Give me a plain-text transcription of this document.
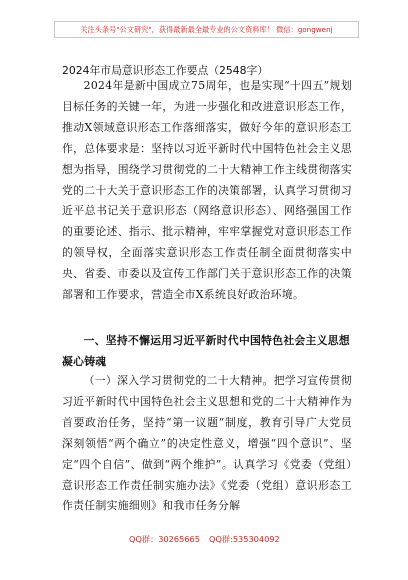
关注头条号"公文研究"，获得最新最全最专业的公文资料库！ 微信：gongwenj
2024年市局意识形态工作要点（2548字）
2024年是新中国成立75周年，也是实现“十四五”规划目标任务的关键一年，为进一步强化和改进意识形态工作，推动X领域意识形态工作落细落实，做好今年的意识形态工作，总体要求是：坚持以习近平新时代中国特色社会主义思想为指导，围绕学习贯彻党的二十大精神工作主线贯彻落实党的二十大关于意识形态工作的决策部署，认真学习贯彻习近平总书记关于意识形态（网络意识形态）、网络强国工作的重要论述、指示、批示精神，牢牢掌握党对意识形态工作的领导权，全面落实意识形态工作责任制全面贯彻落实中央、省委、市委以及宣传工作部门关于意识形态工作的决策部署和工作要求，营造全市X系统良好政治环境。
一、坚持不懈运用习近平新时代中国特色社会主义思想凝心铸魂
（一）深入学习贯彻党的二十大精神。把学习宣传贯彻习近平新时代中国特色社会主义思想和党的二十大精神作为首要政治任务，坚持“第一议题”制度，教育引导广大党员深刻领悟“两个确立”的决定性意义，增强“四个意识”、坚定“四个自信”、做到“两个维护”。认真学习《党委（党组）意识形态工作责任制实施办法》《党委（党组）意识形态工作责任制实施细则》和我市任务分解
QQ群：30265665 QQ群:535304092
